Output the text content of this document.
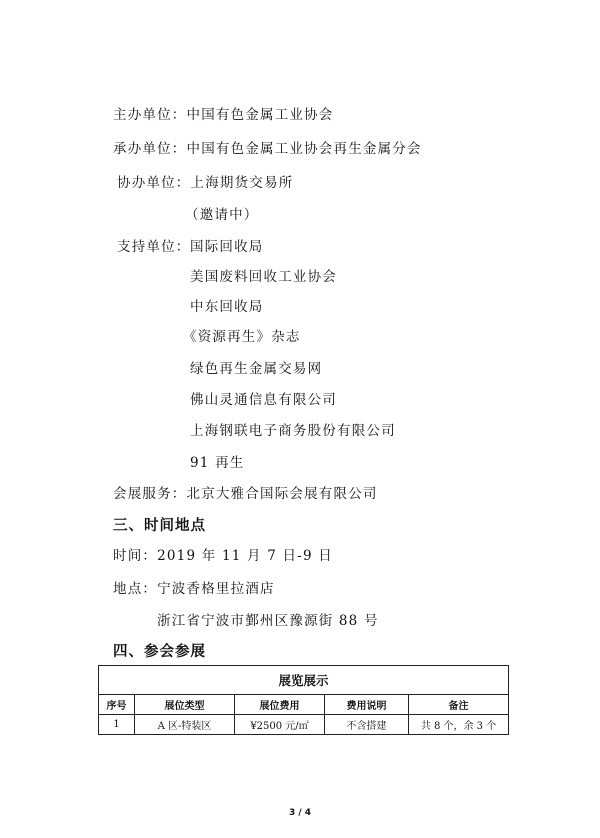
主办单位：中国有色金属工业协会
承办单位：中国有色金属工业协会再生金属分会
协办单位：上海期货交易所
（邀请中）
支持单位： 国际回收局
美国废料回收工业协会
中东回收局
《资源再生》杂志
绿色再生金属交易网
佛山灵通信息有限公司
上海钢联电子商务股份有限公司
91 再生
会展服务：北京大雅合国际会展有限公司
三、时间地点
时间：2019 年 11 月 7 日-9 日
地点：宁波香格里拉酒店
浙江省宁波市鄞州区豫源街 88 号
四、参会参展
展览展示				
序号	展位类型	展位费用	费用说明	备注
1	A 区-特装区	¥2500 元/㎡	不含搭建	共 8 个，余 3 个
3 / 4
